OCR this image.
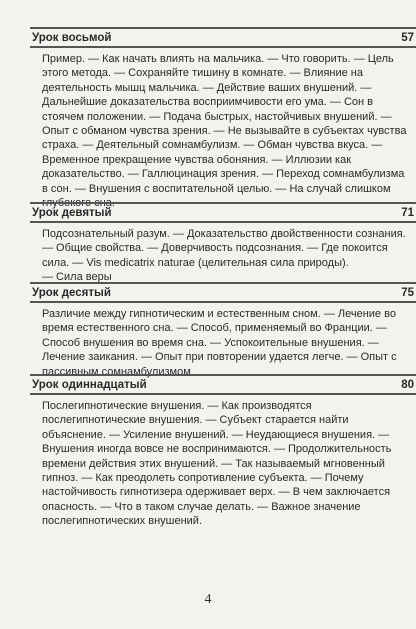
Урок восьмой	57
Пример. — Как начать влиять на мальчика. — Что говорить. — Цель
этого метода. — Сохраняйте тишину в комнате. — Влияние на
деятельность мышц мальчика. — Действие ваших внушений. —
Дальнейшие доказательства восприимчивости его ума. — Сон в
стоячем положении. — Подача быстрых, настойчивых внушений. —
Опыт с обманом чувства зрения. — Не вызывайте в субъектах чувства
страха. — Деятельный сомнамбулизм. — Обман чувства вкуса. —
Временное прекращение чувства обоняния. — Иллюзии как
доказательство. — Галлюцинация зрения. — Переход сомнамбулизма
в сон. — Внушения с воспитательной целью. — На случай слишком
глубокого сна.
Урок девятый	71
Подсознательный разум. — Доказательство двойственности сознания.
— Общие свойства. — Доверчивость подсознания. — Где покоится
сила. — Vis medicatrix naturae (целительная сила природы).
— Сила веры
Урок десятый	75
Различие между гипнотическим и естественным сном. — Лечение во
время естественного сна. — Способ, применяемый во Франции. —
Способ внушения во время сна. — Успокоительные внушения. —
Лечение заикания. — Опыт при повторении удается легче. — Опыт с
пассивным сомнамбулизмом.
Урок одиннадцатый	80
Послегипнотические внушения. — Как производятся
послегипнотические внушения. — Субъект старается найти
объяснение. — Усиление внушений. — Неудающиеся внушения. —
Внушения иногда вовсе не воспринимаются. — Продолжительность
времени действия этих внушений. — Так называемый мгновенный
гипноз. — Как преодолеть сопротивление субъекта. — Почему
настойчивость гипнотизера одерживает верх. — В чем заключается
опасность. — Что в таком случае делать. — Важное значение
послегипнотических внушений.
4
